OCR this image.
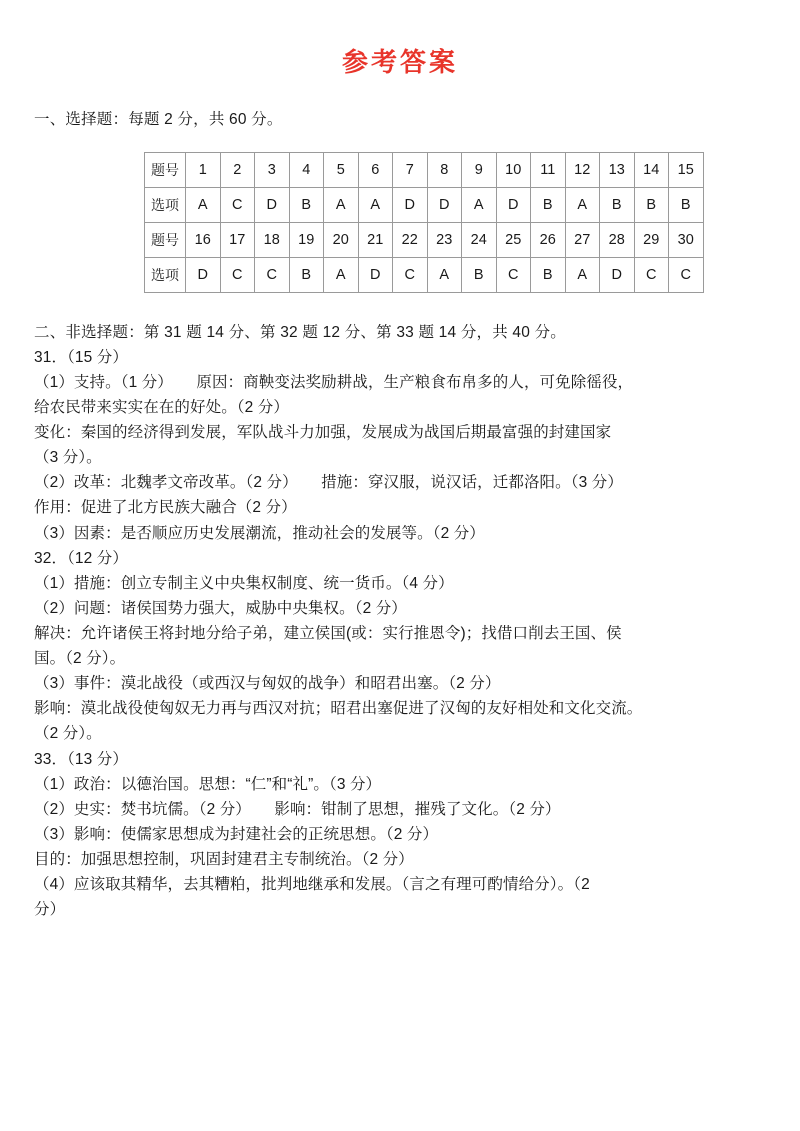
参考答案
一、选择题：每题 2 分，共 60 分。
题号	1	2	3	4	5	6	7	8	9	10	11	12	13	14	15
选项	A	C	D	B	A	A	D	D	A	D	B	A	B	B	B
题号	16	17	18	19	20	21	22	23	24	25	26	27	28	29	30
选项	D	C	C	B	A	D	C	A	B	C	B	A	D	C	C
二、非选择题：第 31 题 14 分、第 32 题 12 分、第 33 题 14 分，共 40 分。
31．（15 分）
（1）支持。（1 分）　　原因：商鞅变法奖励耕战，生产粮食布帛多的人，可免除徭役，
给农民带来实实在在的好处。（2 分）
变化：秦国的经济得到发展，军队战斗力加强，发展成为战国后期最富强的封建国家
（3 分）。
（2）改革：北魏孝文帝改革。（2 分）　　措施：穿汉服，说汉话，迁都洛阳。（3 分）
作用：促进了北方民族大融合（2 分）
（3）因素：是否顺应历史发展潮流，推动社会的发展等。（2 分）
32．（12 分）
（1）措施：创立专制主义中央集权制度、统一货币。（4 分）
（2）问题：诸侯国势力强大，威胁中央集权。（2 分）
解决：允许诸侯王将封地分给子弟，建立侯国(或：实行推恩令)；找借口削去王国、侯
国。（2 分）。
（3）事件：漠北战役（或西汉与匈奴的战争）和昭君出塞。（2 分）
影响：漠北战役使匈奴无力再与西汉对抗；昭君出塞促进了汉匈的友好相处和文化交流。
（2 分）。
33．（13 分）
（1）政治：以德治国。思想：“仁”和“礼”。（3 分）
（2）史实：焚书坑儒。（2 分）　　影响：钳制了思想，摧残了文化。（2 分）
（3）影响：使儒家思想成为封建社会的正统思想。（2 分）
目的：加强思想控制，巩固封建君主专制统治。（2 分）
（4）应该取其精华，去其糟粕，批判地继承和发展。（言之有理可酌情给分）。（2
分）
